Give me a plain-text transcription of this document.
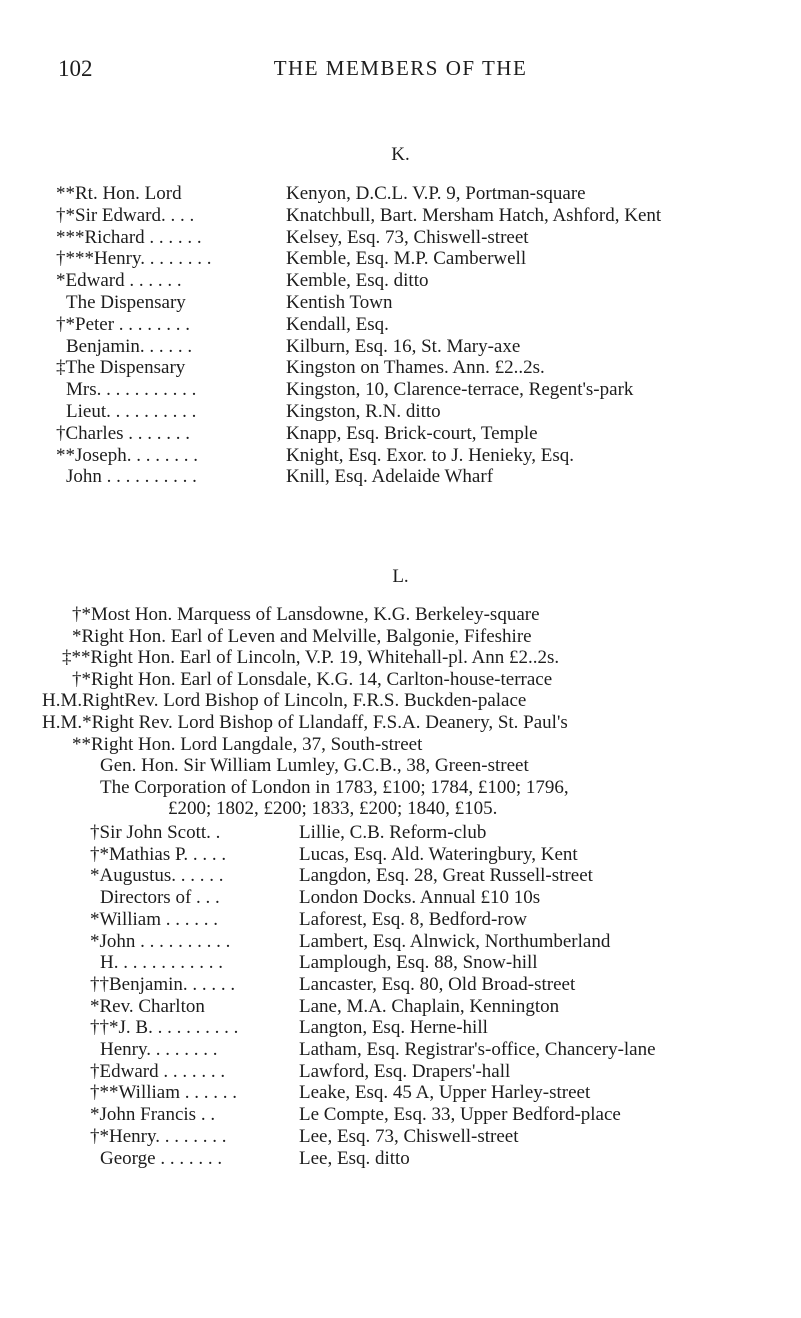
102	THE MEMBERS OF THE
K.
**Rt. Hon. Lord	Kenyon, D.C.L. V.P. 9, Portman-square
†*Sir Edward. . . .	Knatchbull, Bart. Mersham Hatch, Ashford, Kent
***Richard . . . . . .	Kelsey, Esq. 73, Chiswell-street
†***Henry. . . . . . . .	Kemble, Esq. M.P. Camberwell
*Edward . . . . . .	Kemble, Esq. ditto
The Dispensary	Kentish Town
†*Peter . . . . . . . .	Kendall, Esq.
Benjamin. . . . . .	Kilburn, Esq. 16, St. Mary-axe
‡The Dispensary	Kingston on Thames. Ann. £2..2s.
Mrs. . . . . . . . . . .	Kingston, 10, Clarence-terrace, Regent's-park
Lieut. . . . . . . . . .	Kingston, R.N. ditto
†Charles . . . . . . .	Knapp, Esq. Brick-court, Temple
**Joseph. . . . . . . .	Knight, Esq. Exor. to J. Henieky, Esq.
John . . . . . . . . . .	Knill, Esq. Adelaide Wharf
L.
†*Most Hon. Marquess of Lansdowne, K.G. Berkeley-square
*Right Hon. Earl of Leven and Melville, Balgonie, Fifeshire
‡**Right Hon. Earl of Lincoln, V.P. 19, Whitehall-pl. Ann £2..2s.
†*Right Hon. Earl of Lonsdale, K.G. 14, Carlton-house-terrace
H.M.RightRev. Lord Bishop of Lincoln, F.R.S. Buckden-palace
H.M.*Right Rev. Lord Bishop of Llandaff, F.S.A. Deanery, St. Paul's
**Right Hon. Lord Langdale, 37, South-street
Gen. Hon. Sir William Lumley, G.C.B., 38, Green-street
The Corporation of London in 1783, £100; 1784, £100; 1796,
£200; 1802, £200; 1833, £200; 1840, £105.
†Sir John Scott. .	Lillie, C.B. Reform-club
†*Mathias P. . . . .	Lucas, Esq. Ald. Wateringbury, Kent
*Augustus. . . . . .	Langdon, Esq. 28, Great Russell-street
Directors of . . .	London Docks. Annual £10 10s
*William . . . . . .	Laforest, Esq. 8, Bedford-row
*John . . . . . . . . . .	Lambert, Esq. Alnwick, Northumberland
H. . . . . . . . . . . .	Lamplough, Esq. 88, Snow-hill
††Benjamin. . . . . .	Lancaster, Esq. 80, Old Broad-street
*Rev. Charlton	Lane, M.A. Chaplain, Kennington
††*J. B. . . . . . . . . .	Langton, Esq. Herne-hill
Henry. . . . . . . .	Latham, Esq. Registrar's-office, Chancery-lane
†Edward . . . . . . .	Lawford, Esq. Drapers'-hall
†**William . . . . . .	Leake, Esq. 45 A, Upper Harley-street
*John Francis . .	Le Compte, Esq. 33, Upper Bedford-place
†*Henry. . . . . . . .	Lee, Esq. 73, Chiswell-street
George . . . . . . .	Lee, Esq. ditto
